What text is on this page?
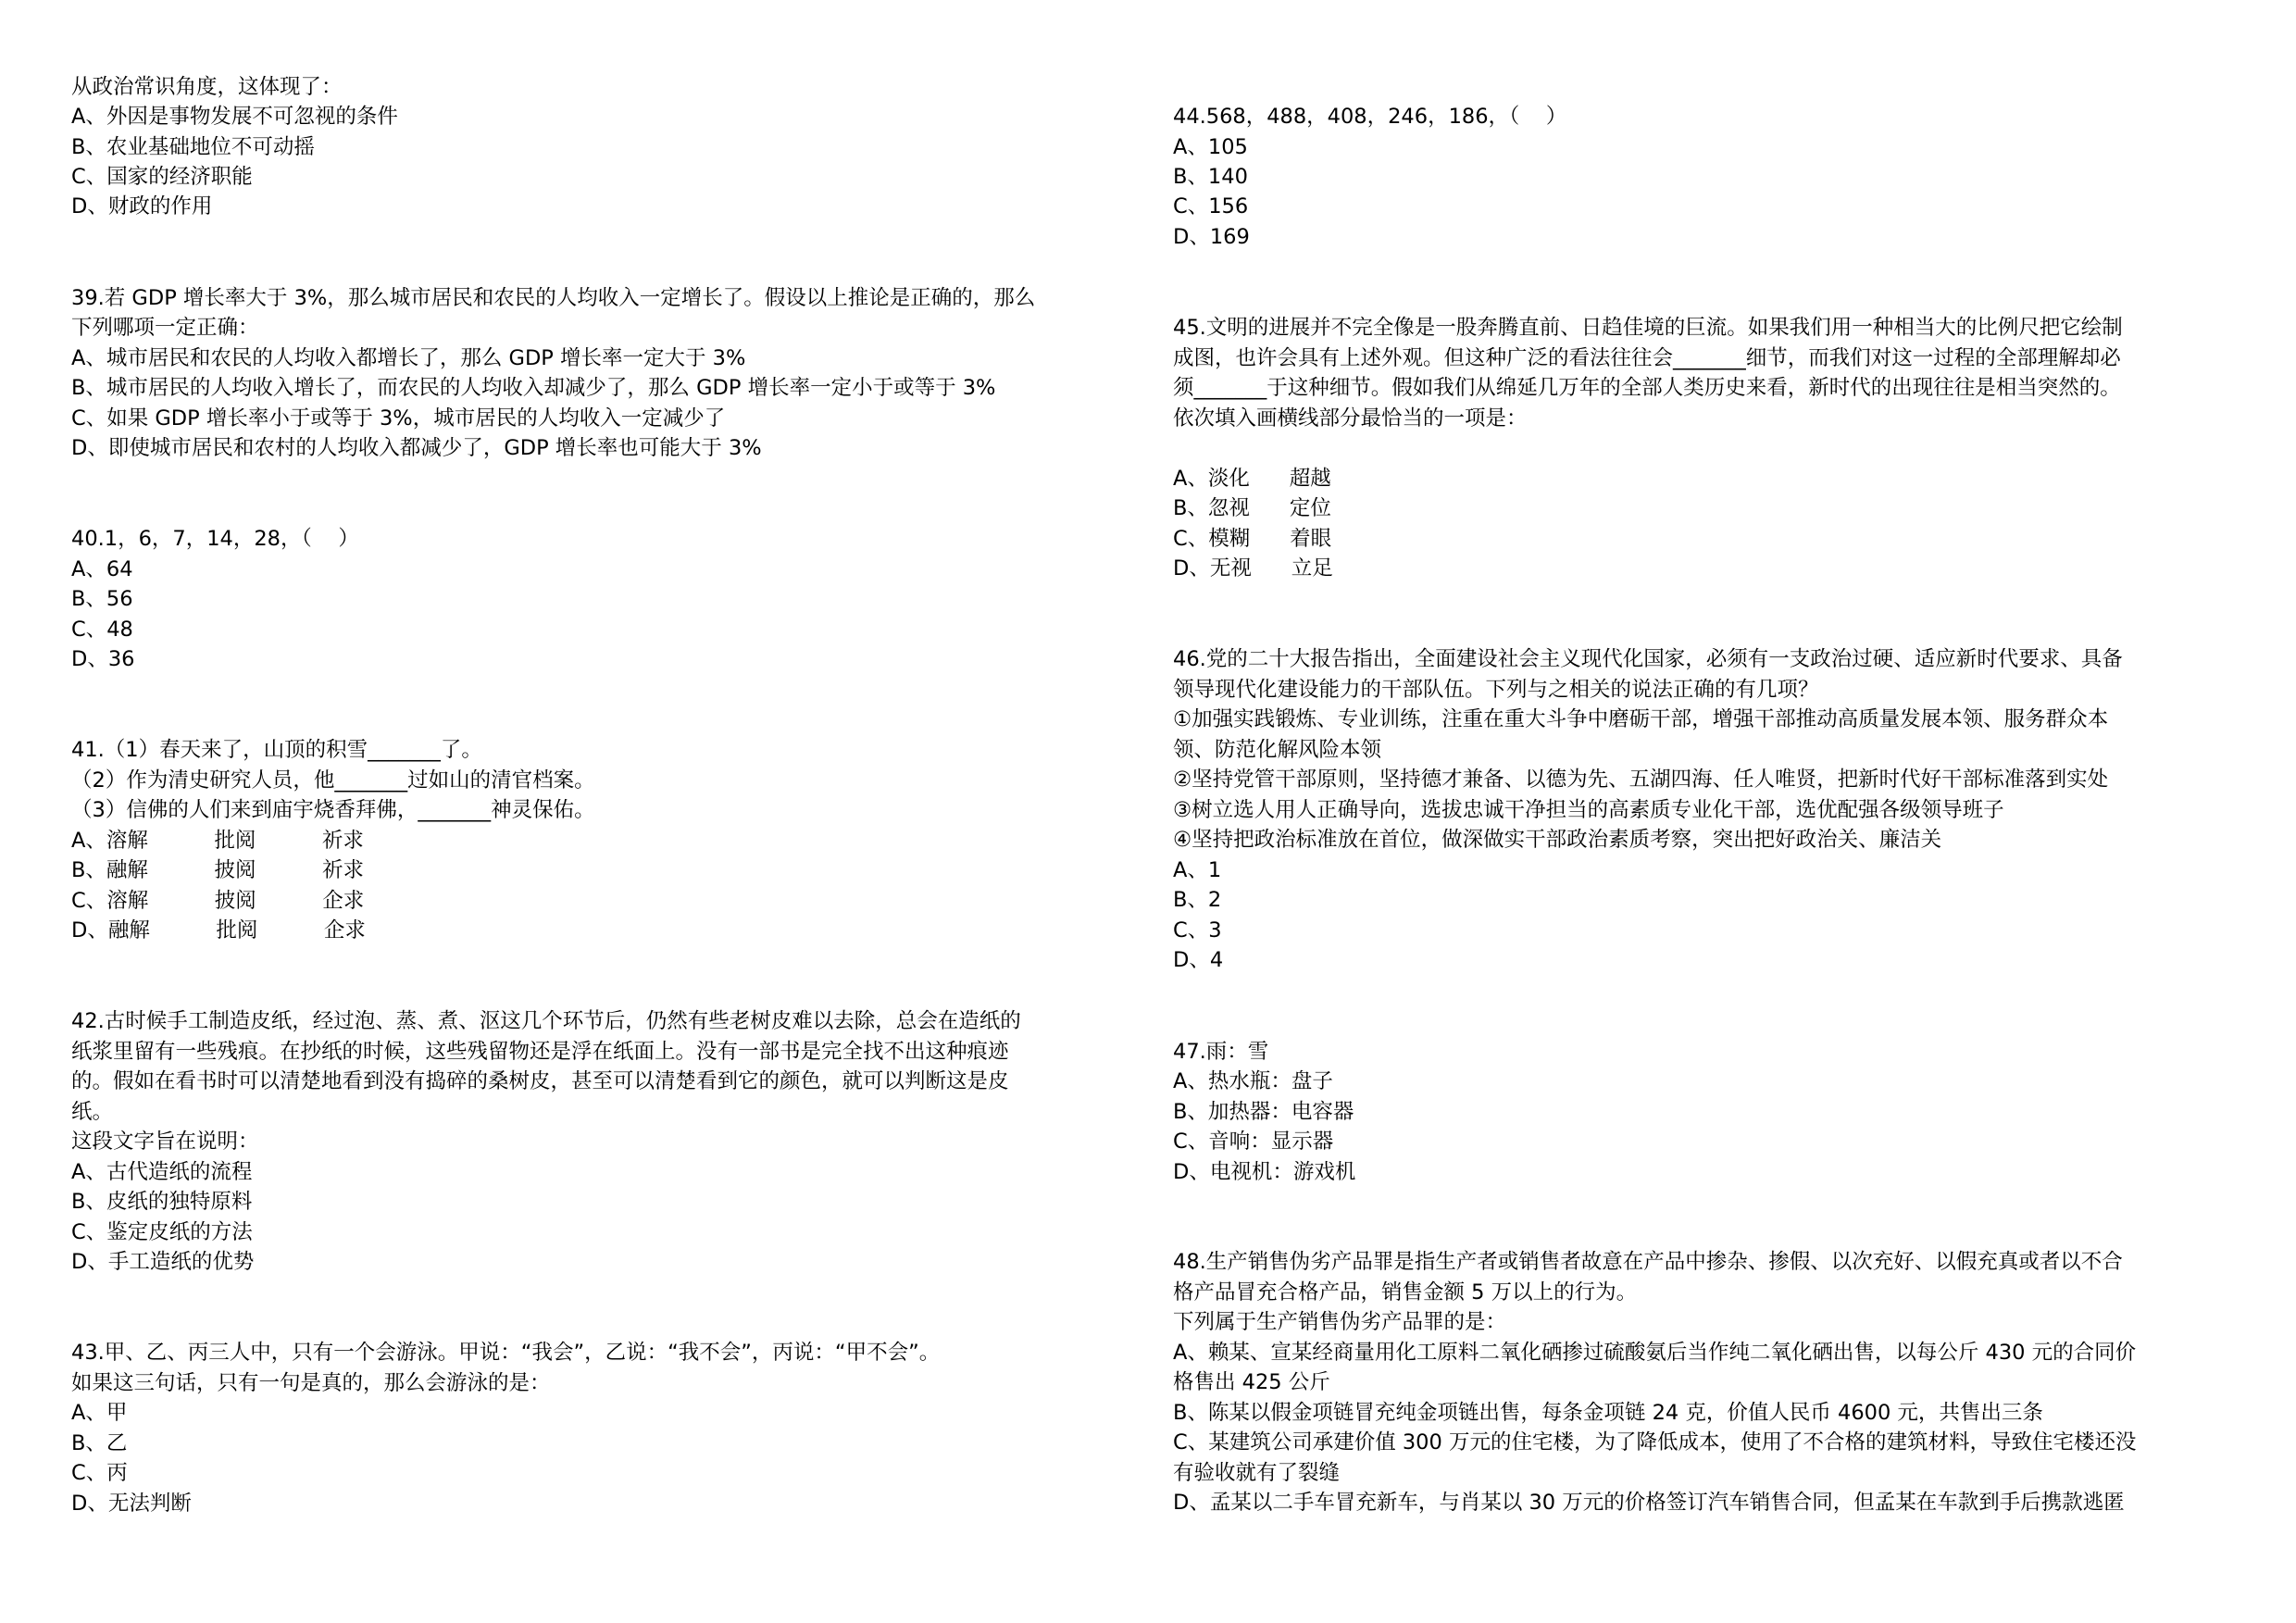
从政治常识角度，这体现了：
A、外因是事物发展不可忽视的条件
B、农业基础地位不可动摇
C、国家的经济职能
D、财政的作用
39.若 GDP 增长率大于 3%，那么城市居民和农民的人均收入一定增长了。假设以上推论是正确的，那么
下列哪项一定正确：
A、城市居民和农民的人均收入都增长了，那么 GDP 增长率一定大于 3%
B、城市居民的人均收入增长了，而农民的人均收入却减少了，那么 GDP 增长率一定小于或等于 3%
C、如果 GDP 增长率小于或等于 3%，城市居民的人均收入一定减少了
D、即使城市居民和农村的人均收入都减少了，GDP 增长率也可能大于 3%
40.1，6，7，14，28，（    ）
A、64
B、56
C、48
D、36
41.（1）春天来了，山顶的积雪_______了。
（2）作为清史研究人员，他_______过如山的清官档案。
（3）信佛的人们来到庙宇烧香拜佛，_______神灵保佑。
A、溶解          批阅          祈求
B、融解          披阅          祈求
C、溶解          披阅          企求
D、融解          批阅          企求
42.古时候手工制造皮纸，经过泡、蒸、煮、沤这几个环节后，仍然有些老树皮难以去除，总会在造纸的
纸浆里留有一些残痕。在抄纸的时候，这些残留物还是浮在纸面上。没有一部书是完全找不出这种痕迹
的。假如在看书时可以清楚地看到没有捣碎的桑树皮，甚至可以清楚看到它的颜色，就可以判断这是皮
纸。
这段文字旨在说明：
A、古代造纸的流程
B、皮纸的独特原料
C、鉴定皮纸的方法
D、手工造纸的优势
43.甲、乙、丙三人中，只有一个会游泳。甲说：“我会”，乙说：“我不会”，丙说：“甲不会”。
如果这三句话，只有一句是真的，那么会游泳的是：
A、甲
B、乙
C、丙
D、无法判断
44.568，488，408，246，186，（    ）
A、105
B、140
C、156
D、169
45.文明的进展并不完全像是一股奔腾直前、日趋佳境的巨流。如果我们用一种相当大的比例尺把它绘制
成图，也许会具有上述外观。但这种广泛的看法往往会_______细节，而我们对这一过程的全部理解却必
须_______于这种细节。假如我们从绵延几万年的全部人类历史来看，新时代的出现往往是相当突然的。
依次填入画横线部分最恰当的一项是：
A、淡化      超越
B、忽视      定位
C、模糊      着眼
D、无视      立足
46.党的二十大报告指出，全面建设社会主义现代化国家，必须有一支政治过硬、适应新时代要求、具备
领导现代化建设能力的干部队伍。下列与之相关的说法正确的有几项？
①加强实践锻炼、专业训练，注重在重大斗争中磨砺干部，增强干部推动高质量发展本领、服务群众本
领、防范化解风险本领
②坚持党管干部原则，坚持德才兼备、以德为先、五湖四海、任人唯贤，把新时代好干部标准落到实处
③树立选人用人正确导向，选拔忠诚干净担当的高素质专业化干部，选优配强各级领导班子
④坚持把政治标准放在首位，做深做实干部政治素质考察，突出把好政治关、廉洁关
A、1
B、2
C、3
D、4
47.雨：雪
A、热水瓶：盘子
B、加热器：电容器
C、音响：显示器
D、电视机：游戏机
48.生产销售伪劣产品罪是指生产者或销售者故意在产品中掺杂、掺假、以次充好、以假充真或者以不合
格产品冒充合格产品，销售金额 5 万以上的行为。
下列属于生产销售伪劣产品罪的是：
A、赖某、宣某经商量用化工原料二氧化硒掺过硫酸氨后当作纯二氧化硒出售，以每公斤 430 元的合同价
格售出 425 公斤
B、陈某以假金项链冒充纯金项链出售，每条金项链 24 克，价值人民币 4600 元，共售出三条
C、某建筑公司承建价值 300 万元的住宅楼，为了降低成本，使用了不合格的建筑材料，导致住宅楼还没
有验收就有了裂缝
D、孟某以二手车冒充新车，与肖某以 30 万元的价格签订汽车销售合同，但孟某在车款到手后携款逃匿
